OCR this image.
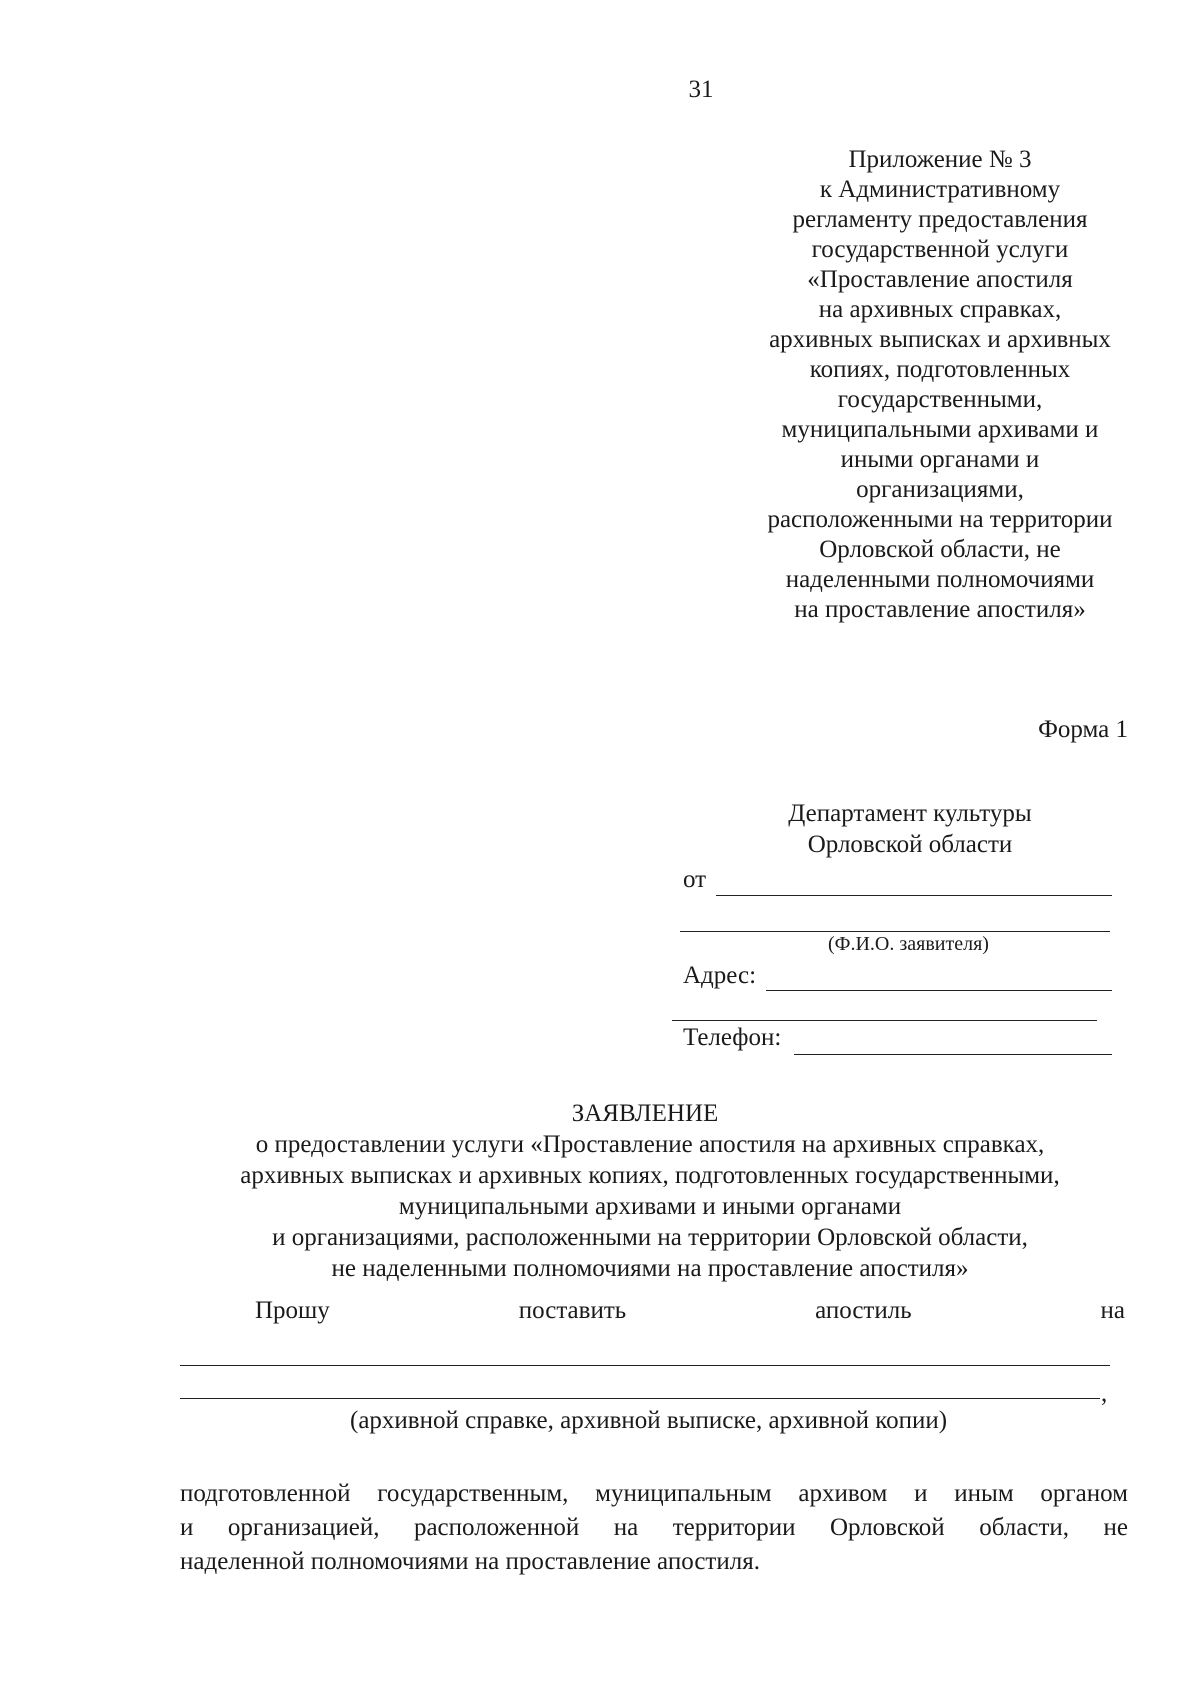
31
Приложение № 3
к Административному
регламенту предоставления
государственной услуги
«Проставление апостиля
на архивных справках,
архивных выписках и архивных
копиях, подготовленных
государственными,
муниципальными архивами и
иными органами и
организациями,
расположенными на территории
Орловской области, не
наделенными полномочиями
на проставление апостиля»
Форма 1
Департамент культуры
Орловской области
от
(Ф.И.О. заявителя)
Адрес:
Телефон:
ЗАЯВЛЕНИЕ
о предоставлении услуги «Проставление апостиля на архивных справках,
архивных выписках и архивных копиях, подготовленных государственными,
муниципальными архивами и иными органами
и организациями, расположенными на территории Орловской области,
не наделенными полномочиями на проставление апостиля»
Прошу	поставить	апостиль	на
,
(архивной справке, архивной выписке, архивной копии)
подготовленной государственным, муниципальным архивом и иным органом
и организацией, расположенной на территории Орловской области, не
наделенной полномочиями на проставление апостиля.
